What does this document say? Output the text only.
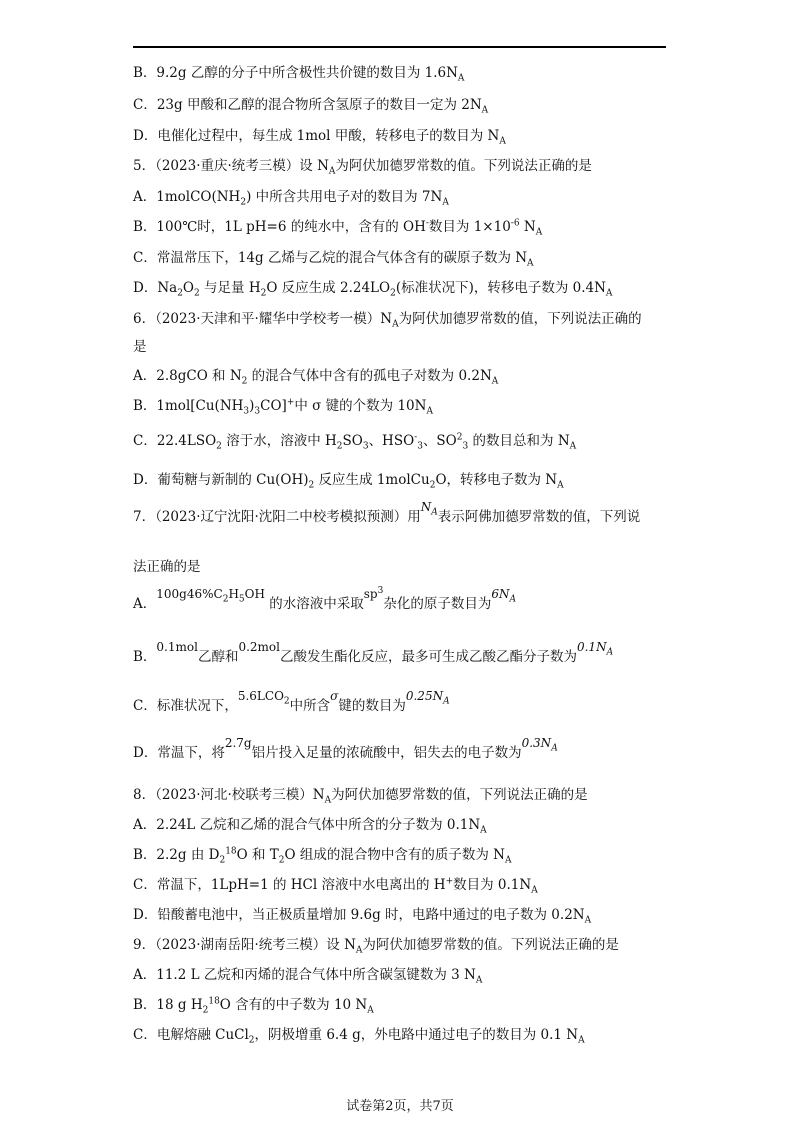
B．9.2g 乙醇的分子中所含极性共价键的数目为 $1.6N_A$
C．23g 甲酸和乙醇的混合物所含氢原子的数目一定为 $2N_A$
D．电催化过程中，每生成 1mol 甲酸，转移电子的数目为 $N_A$
5．（2023·重庆·统考三模）设 $N_A$为阿伏加德罗常数的值。下列说法正确的是
A．$1molCO(NH_2)$ 中所含共用电子对的数目为 $7N_A$
B．100℃时，1L pH=6 的纯水中，含有的 OH-数目为 $1\times 10^{-6}$ $N_A$
C．常温常压下，14g 乙烯与乙烷的混合气体含有的碳原子数为 $N_A$
D．$Na_2O_2$ 与足量 $H_2O$ 反应生成 $2.24LO_2$(标准状况下)，转移电子数为 $0.4N_A$
6．（2023·天津和平·耀华中学校考一模）$N_A$为阿伏加德罗常数的值，下列说法正确的
是
A．2.8gCO 和 $N_2$ 的混合气体中含有的孤电子对数为 $0.2N_A$
B．$1mol[Cu(NH_3)_3CO]^+$中 σ 键的个数为 $10N_A$
C．$22.4LSO_2$ 溶于水，溶液中 $H_2SO_3$、$HSO^-_3$、$SO^2_3$ 的数目总和为 $N_A$
D．葡萄糖与新制的 $Cu(OH)_2$ 反应生成 1molCu$_2$O，转移电子数为 $N_A$
7．（2023·辽宁沈阳·沈阳二中校考模拟预测）用$N_A$表示阿佛加德罗常数的值，下列说
法正确的是
A．$100g46\%C_2H_5OH$ 的水溶液中采取$sp^3$杂化的原子数目为$6N_A$
B．0.1mol乙醇和0.2mol乙酸发生酯化反应，最多可生成乙酸乙酯分子数为$0.1N_A$
C．标准状况下，$5.6LCO_2$中所含σ键的数目为$0.25N_A$
D．常温下，将2.7g铝片投入足量的浓硫酸中，铝失去的电子数为$0.3N_A$
8．（2023·河北·校联考三模）$N_A$为阿伏加德罗常数的值，下列说法正确的是
A．2.24L 乙烷和乙烯的混合气体中所含的分子数为 $0.1N_A$
B．2.2g 由 $D_2^{18}O$ 和 $T_2O$ 组成的混合物中含有的质子数为 $N_A$
C．常温下，1LpH=1 的 HCl 溶液中水电离出的 H+数目为 $0.1N_A$
D．铅酸蓄电池中，当正极质量增加 9.6g 时，电路中通过的电子数为 $0.2N_A$
9．（2023·湖南岳阳·统考三模）设 $N_A$为阿伏加德罗常数的值。下列说法正确的是
A．11.2 L 乙烷和丙烯的混合气体中所含碳氢键数为 3 $N_A$
B．18 g $H_2^{18}O$ 含有的中子数为 10 $N_A$
C．电解熔融 CuCl$_2$，阴极增重 6.4 g，外电路中通过电子的数目为 0.1 $N_A$
试卷第2页，共7页
